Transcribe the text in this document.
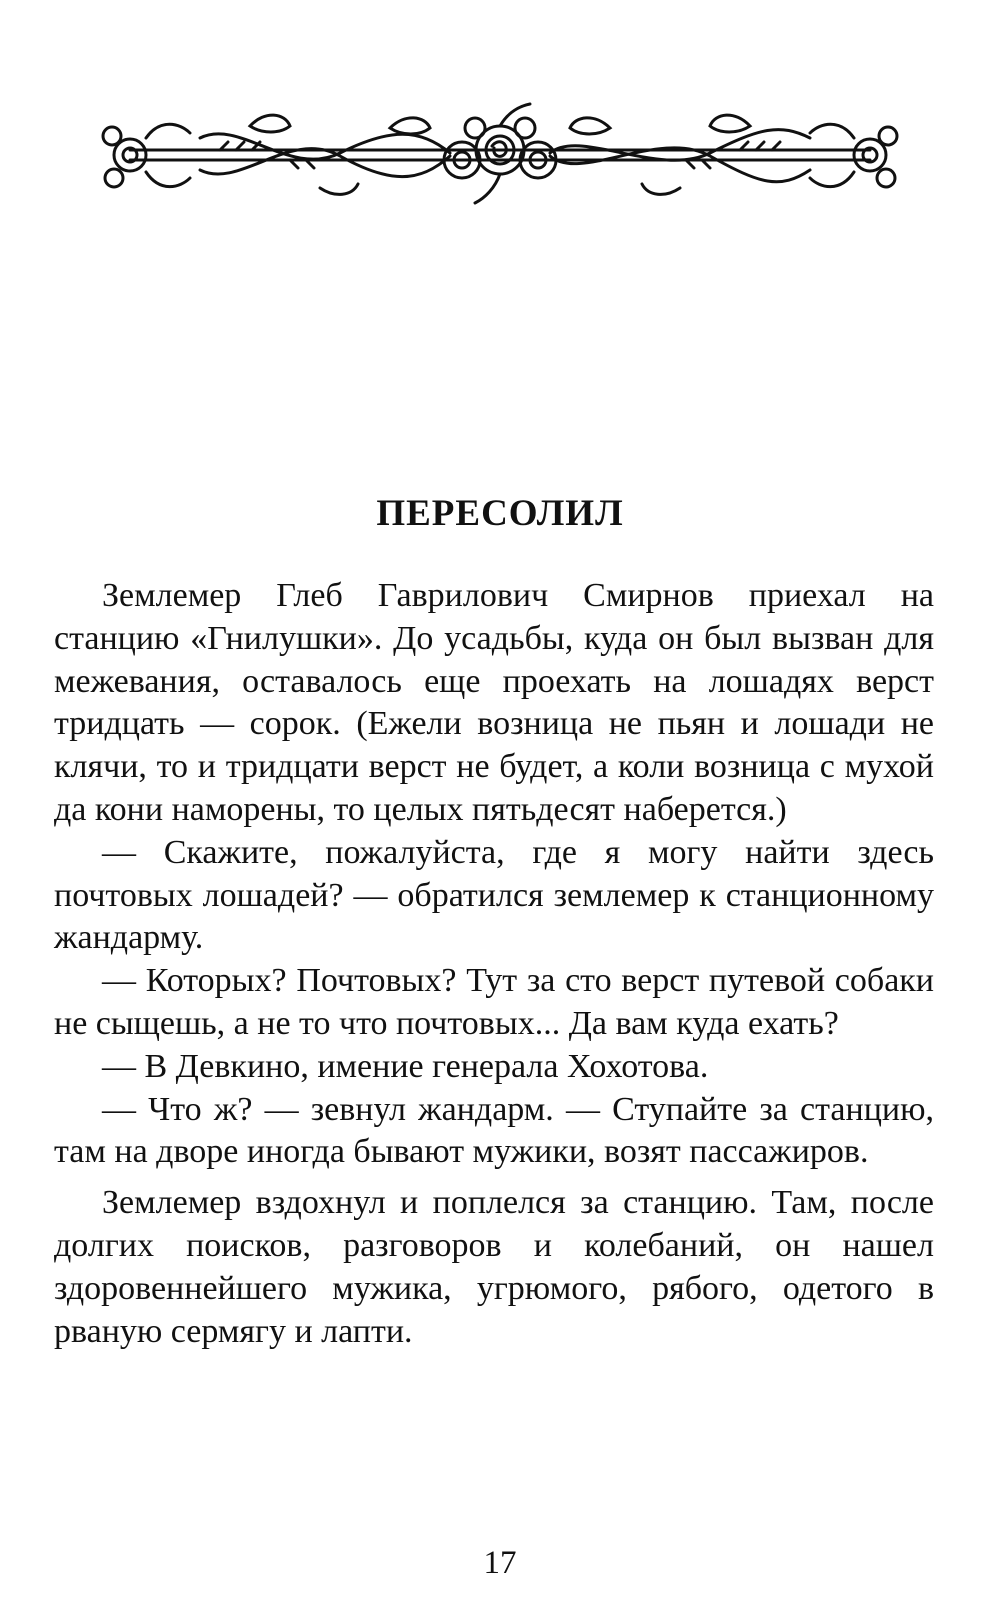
ПЕРЕСОЛИЛ

Землемер Глеб Гаврилович Смирнов приехал на станцию «Гнилушки». До усадьбы, куда он был вызван для межевания, оставалось еще проехать на лошадях верст тридцать — сорок. (Ежели возница не пьян и лошади не клячи, то и тридцати верст не будет, а коли возница с мухой да кони наморены, то целых пятьдесят наберется.)

— Скажите, пожалуйста, где я могу найти здесь почтовых лошадей? — обратился землемер к станционному жандарму.

— Которых? Почтовых? Тут за сто верст путевой собаки не сыщешь, а не то что почтовых... Да вам куда ехать?

— В Девкино, имение генерала Хохотова.

— Что ж? — зевнул жандарм. — Ступайте за станцию, там на дворе иногда бывают мужики, возят пассажиров.

Землемер вздохнул и поплелся за станцию. Там, после долгих поисков, разговоров и колебаний, он нашел здоровеннейшего мужика, угрюмого, рябого, одетого в рваную сермягу и лапти.

17
